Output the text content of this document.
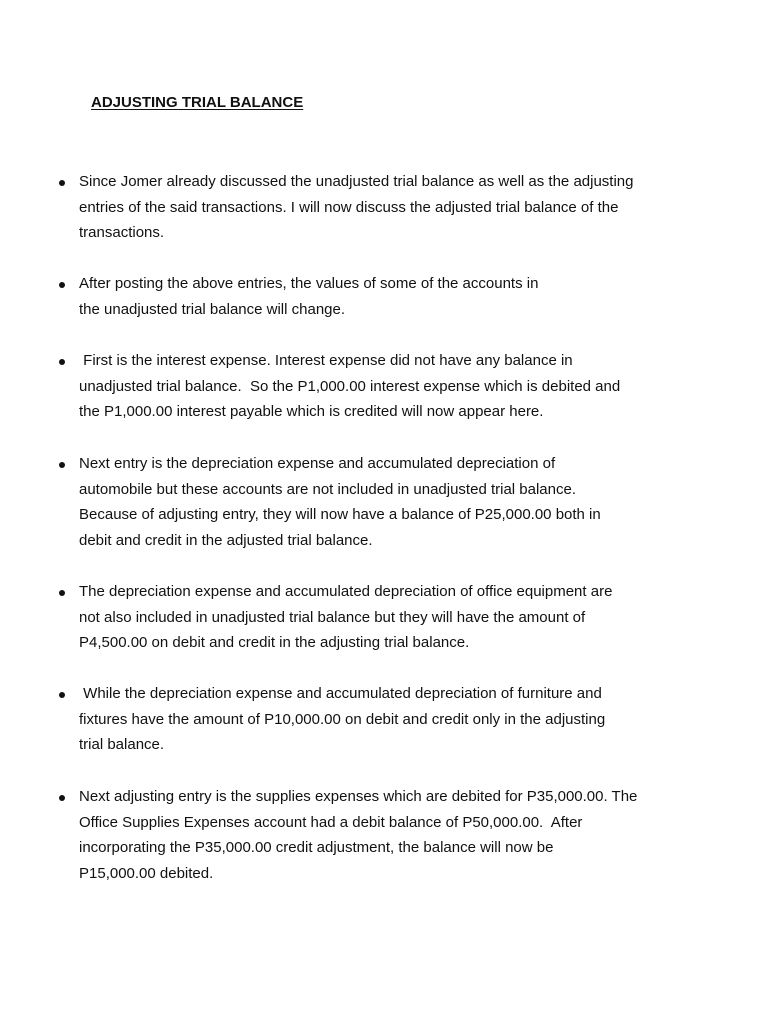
ADJUSTING TRIAL BALANCE
Since Jomer already discussed the unadjusted trial balance as well as the adjusting
entries of the said transactions. I will now discuss the adjusted trial balance of the
transactions.
After posting the above entries, the values of some of the accounts in
the unadjusted trial balance will change.
First is the interest expense. Interest expense did not have any balance in
unadjusted trial balance.  So the P1,000.00 interest expense which is debited and
the P1,000.00 interest payable which is credited will now appear here.
Next entry is the depreciation expense and accumulated depreciation of
automobile but these accounts are not included in unadjusted trial balance.
Because of adjusting entry, they will now have a balance of P25,000.00 both in
debit and credit in the adjusted trial balance.
The depreciation expense and accumulated depreciation of office equipment are
not also included in unadjusted trial balance but they will have the amount of
P4,500.00 on debit and credit in the adjusting trial balance.
While the depreciation expense and accumulated depreciation of furniture and
fixtures have the amount of P10,000.00 on debit and credit only in the adjusting
trial balance.
Next adjusting entry is the supplies expenses which are debited for P35,000.00. The
Office Supplies Expenses account had a debit balance of P50,000.00.  After
incorporating the P35,000.00 credit adjustment, the balance will now be
P15,000.00 debited.
